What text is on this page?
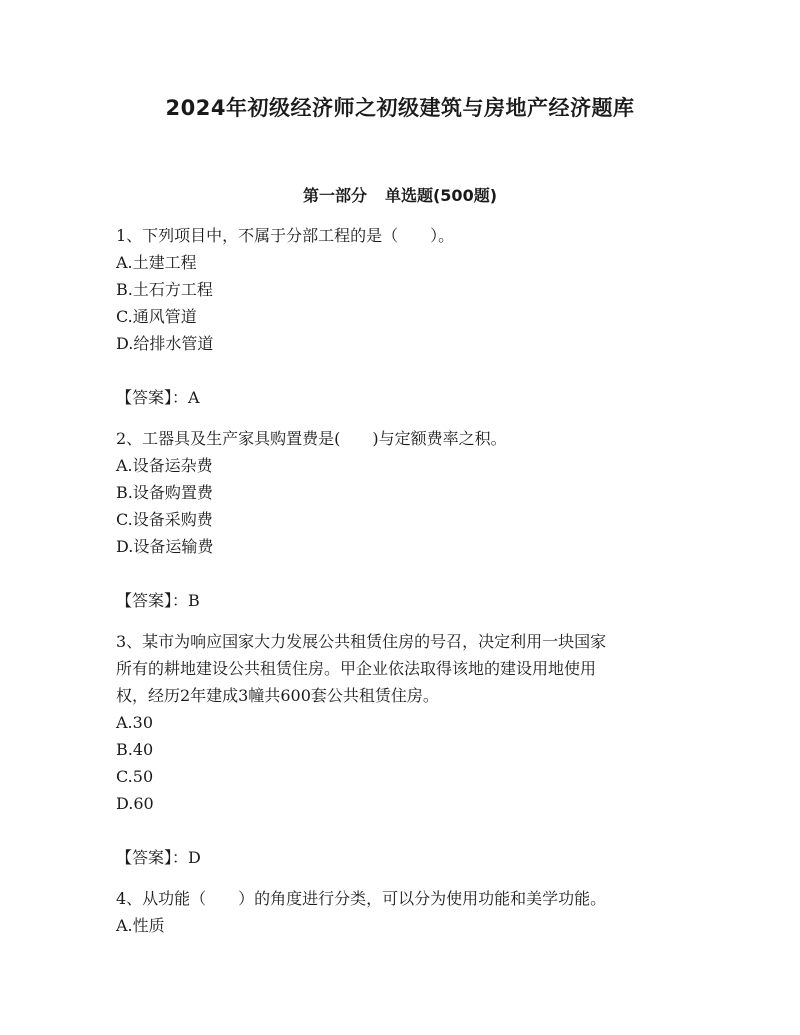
2024年初级经济师之初级建筑与房地产经济题库
第一部分 单选题(500题)
1、下列项目中，不属于分部工程的是（　　）。
A.土建工程
B.土石方工程
C.通风管道
D.给排水管道
【答案】：A
2、工器具及生产家具购置费是(　　)与定额费率之积。
A.设备运杂费
B.设备购置费
C.设备采购费
D.设备运输费
【答案】：B
3、某市为响应国家大力发展公共租赁住房的号召，决定利用一块国家
所有的耕地建设公共租赁住房。甲企业依法取得该地的建设用地使用
权，经历2年建成3幢共600套公共租赁住房。
A.30
B.40
C.50
D.60
【答案】：D
4、从功能（　　）的角度进行分类，可以分为使用功能和美学功能。
A.性质
